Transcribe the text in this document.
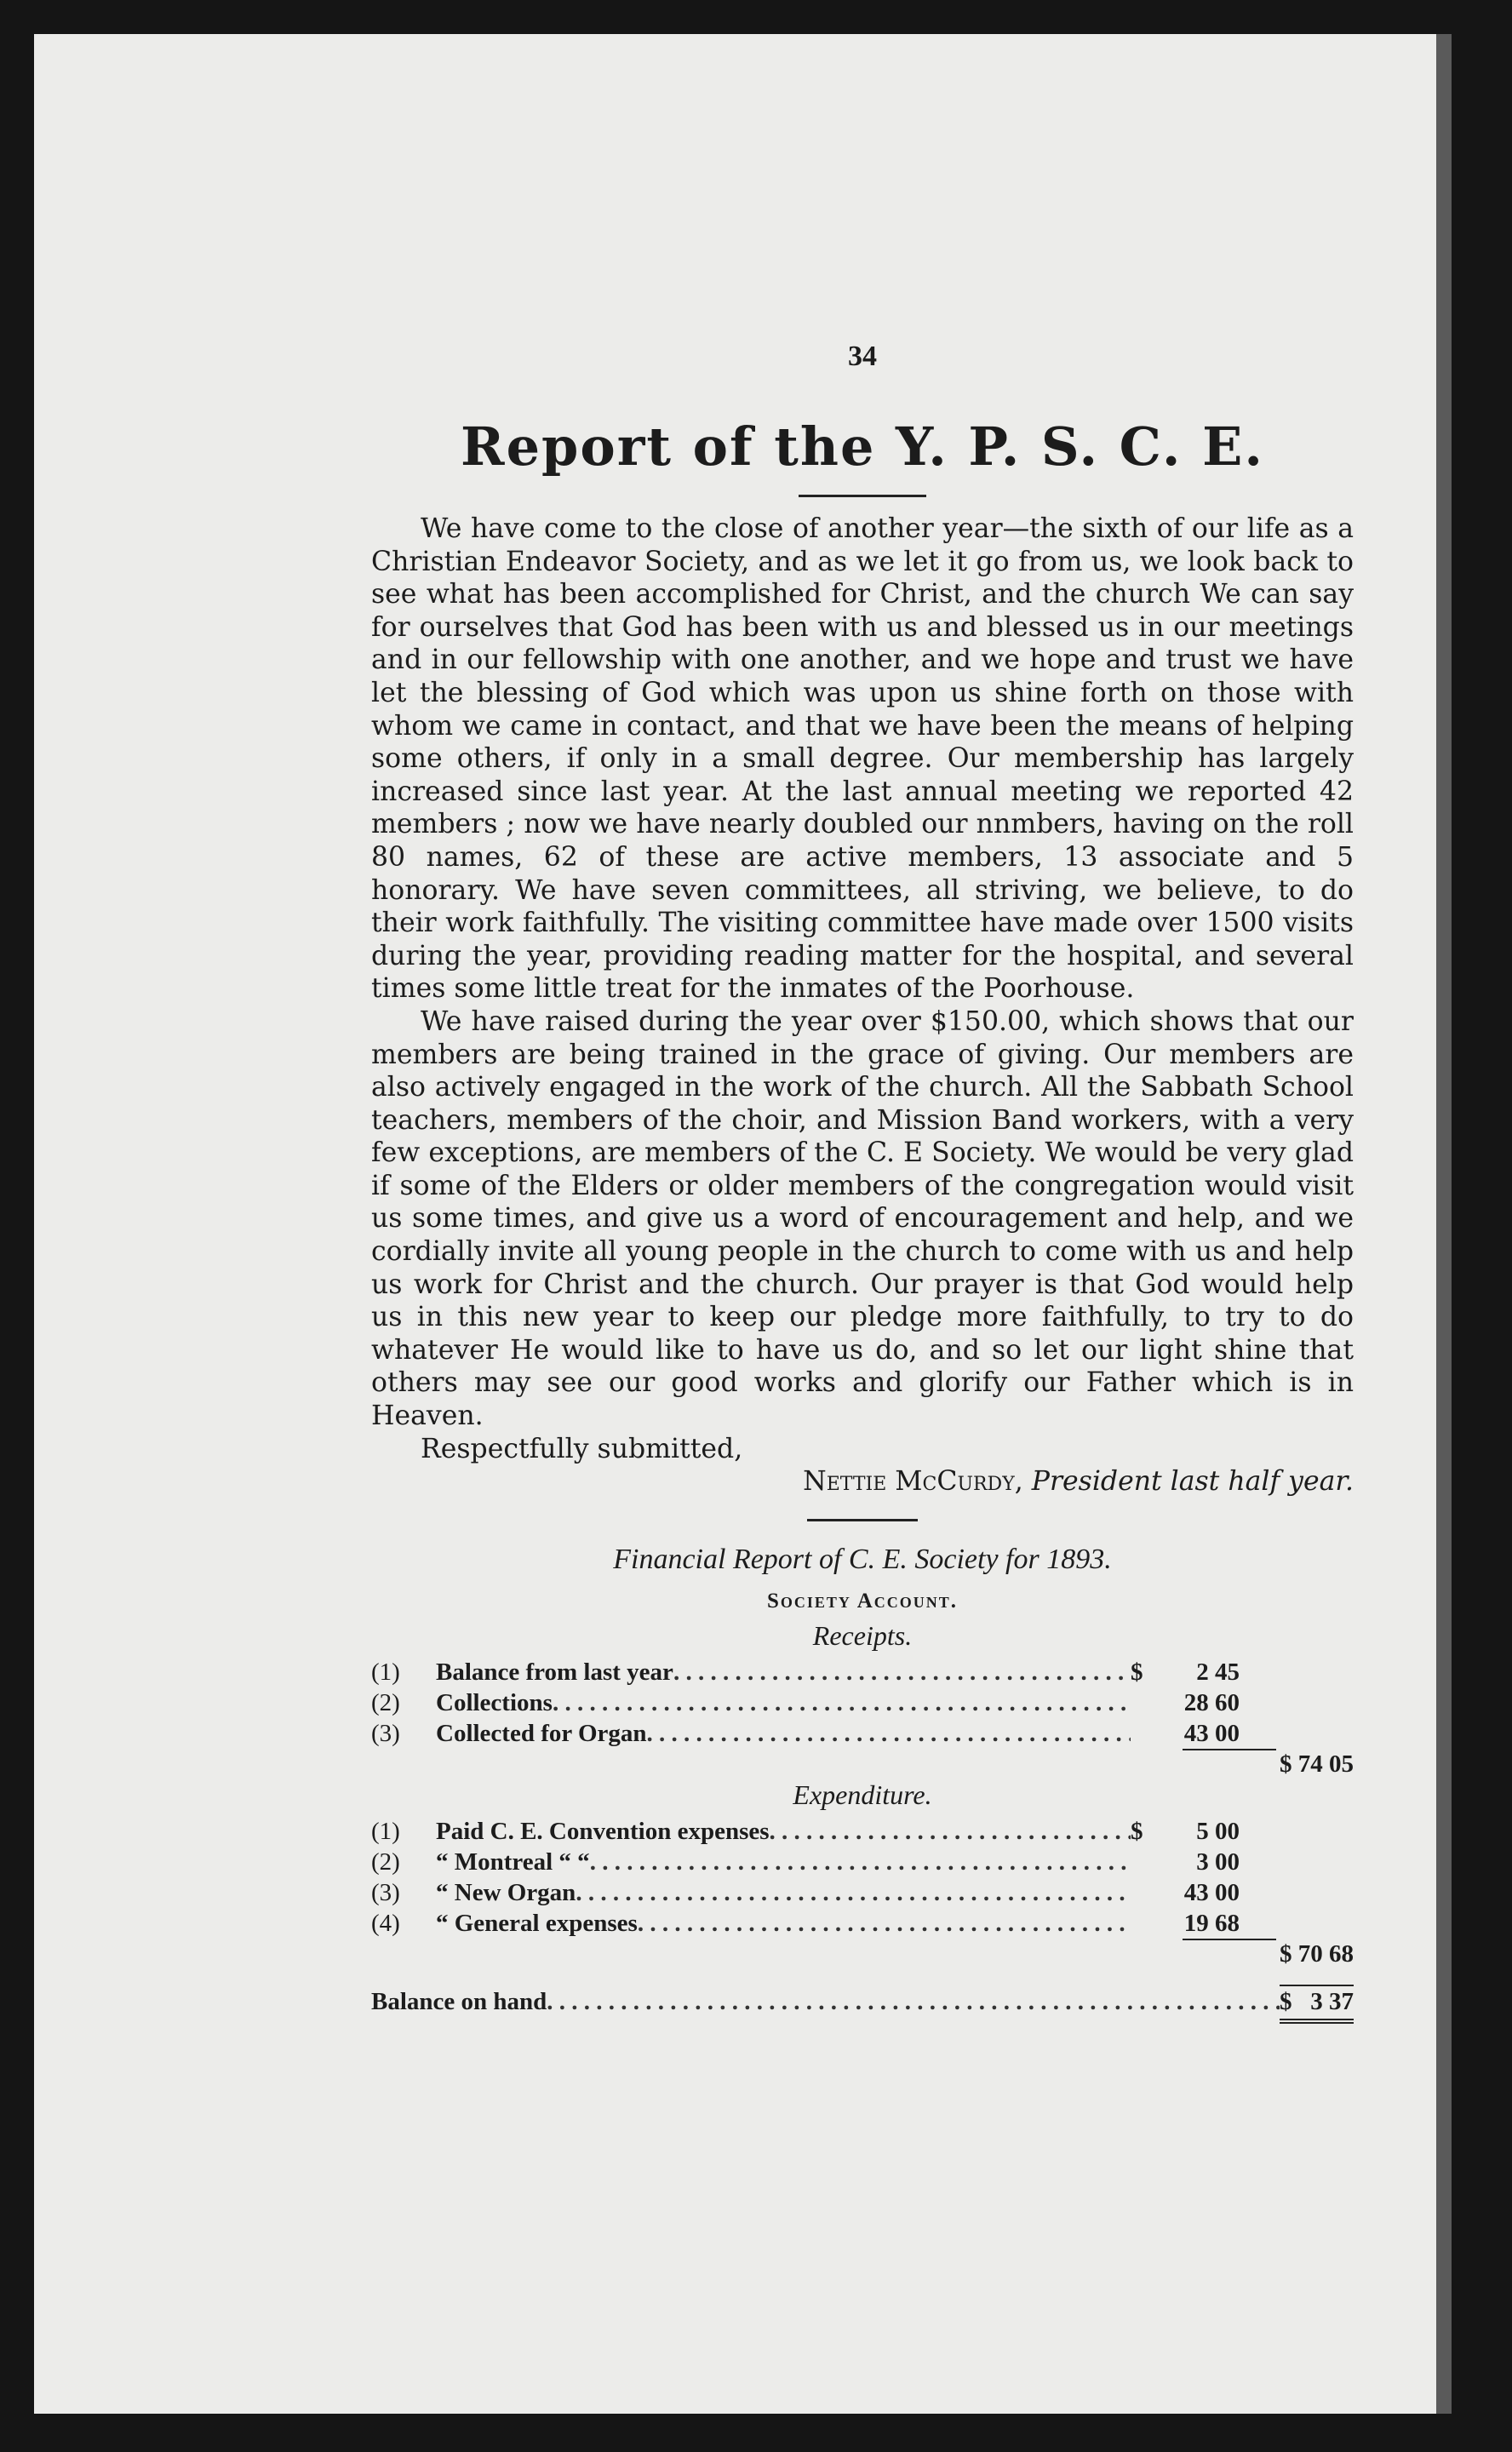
34
Report of the Y. P. S. C. E.

We have come to the close of another year—the sixth of our life as a Christian Endeavor Society, and as we let it go from us, we look back to see what has been accomplished for Christ, and the church We can say for ourselves that God has been with us and blessed us in our meetings and in our fellowship with one another, and we hope and trust we have let the blessing of God which was upon us shine forth on those with whom we came in contact, and that we have been the means of helping some others, if only in a small degree. Our membership has largely increased since last year. At the last annual meeting we reported 42 members ; now we have nearly doubled our nnmbers, having on the roll 80 names, 62 of these are active members, 13 associate and 5 honorary. We have seven committees, all striving, we believe, to do their work faithfully. The visiting committee have made over 1500 visits during the year, providing reading matter for the hospital, and several times some little treat for the inmates of the Poorhouse.

We have raised during the year over $150.00, which shows that our members are being trained in the grace of giving. Our members are also actively engaged in the work of the church. All the Sabbath School teachers, members of the choir, and Mission Band workers, with a very few exceptions, are members of the C. E Society. We would be very glad if some of the Elders or older members of the congregation would visit us some times, and give us a word of encouragement and help, and we cordially invite all young people in the church to come with us and help us work for Christ and the church. Our prayer is that God would help us in this new year to keep our pledge more faithfully, to try to do whatever He would like to have us do, and so let our light shine that others may see our good works and glorify our Father which is in Heaven.

Respectfully submitted,
Nettie McCurdy, President last half year.
Financial Report of C. E. Society for 1893.
Society Account.
Receipts.
(1)	Balance from last year . . .	$	2 45
(2)	Collections . . .	28 60
(3)	Collected for Organ . . .	43 00
$ 74 05
Expenditure.
(1)	Paid C. E. Convention expenses . . .	$	5 00
(2)	“ Montreal “ “ . . .	3 00
(3)	“ New Organ . . .	43 00
(4)	“ General expenses . . .	19 68
$ 70 68
Balance on hand . . .	$ 3 37
